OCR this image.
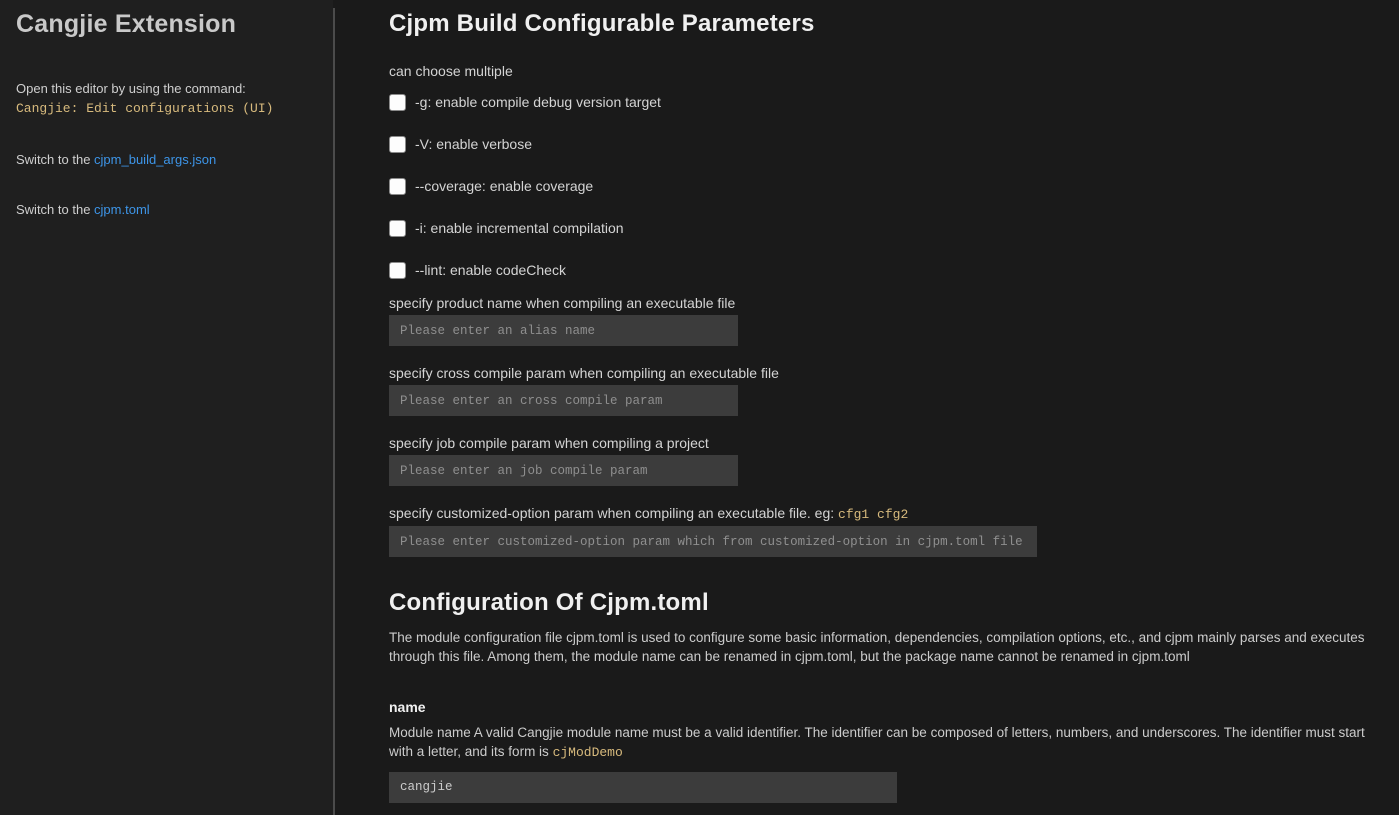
Cangjie Extension
Open this editor by using the command:
Cangjie: Edit configurations (UI)
Switch to the cjpm_build_args.json
Switch to the cjpm.toml
Cjpm Build Configurable Parameters
can choose multiple
-g: enable compile debug version target
-V: enable verbose
--coverage: enable coverage
-i: enable incremental compilation
--lint: enable codeCheck
specify product name when compiling an executable file
Please enter an alias name
specify cross compile param when compiling an executable file
Please enter an cross compile param
specify job compile param when compiling a project
Please enter an job compile param
specify customized-option param when compiling an executable file. eg: cfg1 cfg2
Please enter customized-option param which from customized-option in cjpm.toml file
Configuration Of Cjpm.toml
The module configuration file cjpm.toml is used to configure some basic information, dependencies, compilation options, etc., and cjpm mainly parses and executes through this file. Among them, the module name can be renamed in cjpm.toml, but the package name cannot be renamed in cjpm.toml
name
Module name A valid Cangjie module name must be a valid identifier. The identifier can be composed of letters, numbers, and underscores. The identifier must start with a letter, and its form is cjModDemo
cangjie
